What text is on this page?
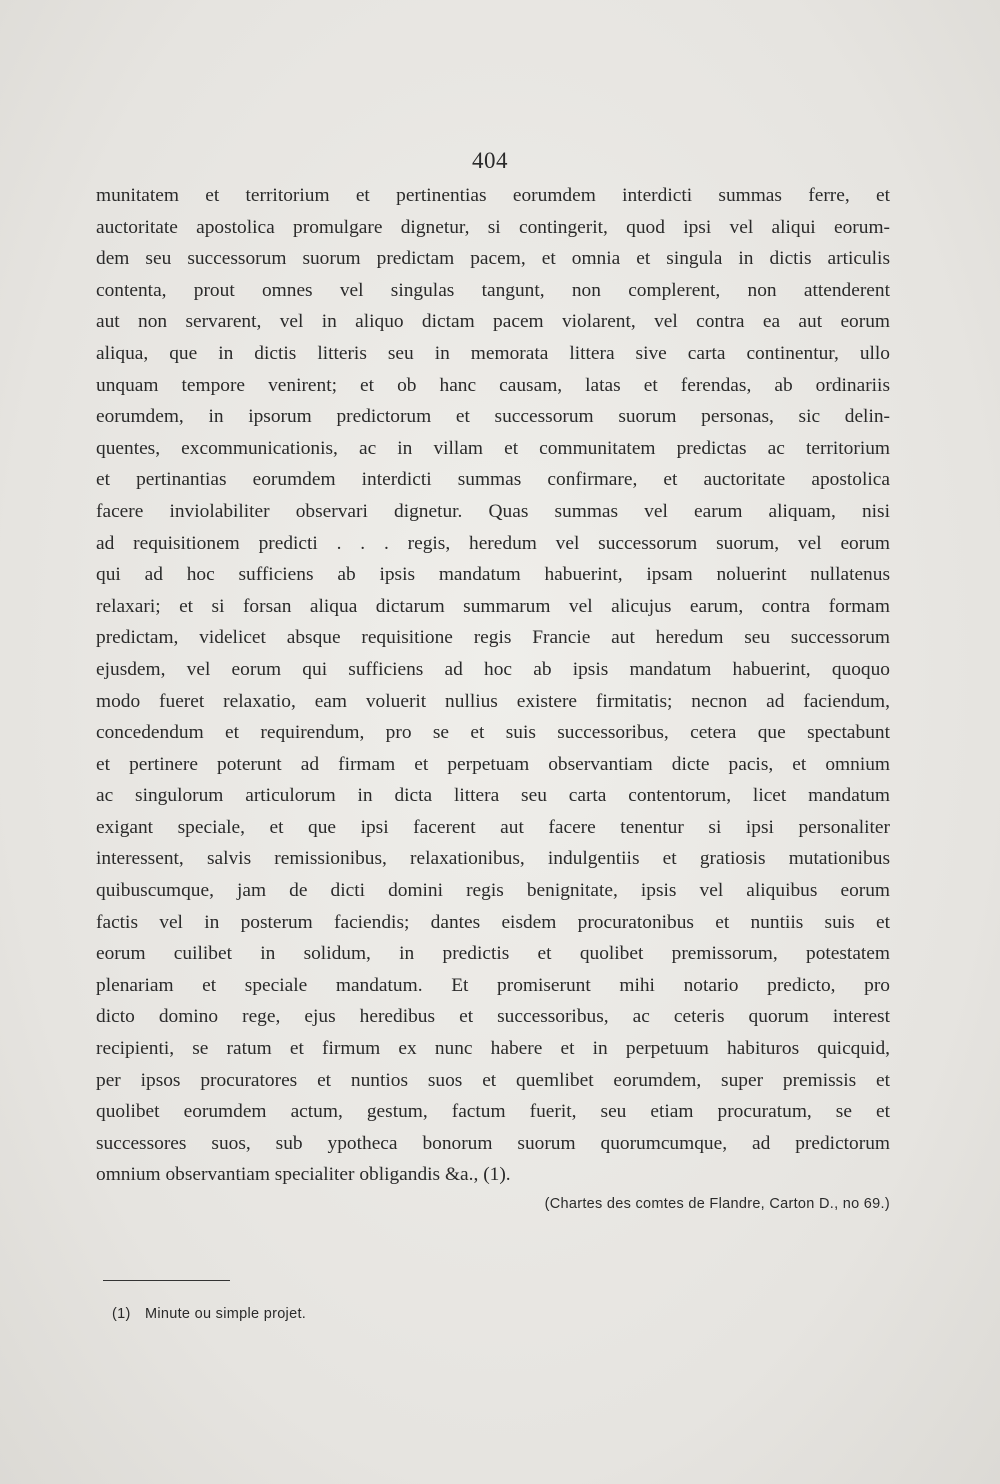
404
munitatem et territorium et pertinentias eorumdem interdicti summas ferre, et
auctoritate apostolica promulgare dignetur, si contingerit, quod ipsi vel aliqui eorum-
dem seu successorum suorum predictam pacem, et omnia et singula in dictis articulis
contenta, prout omnes vel singulas tangunt, non complerent, non attenderent
aut non servarent, vel in aliquo dictam pacem violarent, vel contra ea aut eorum
aliqua, que in dictis litteris seu in memorata littera sive carta continentur, ullo
unquam tempore venirent; et ob hanc causam, latas et ferendas, ab ordinariis
eorumdem, in ipsorum predictorum et successorum suorum personas, sic delin-
quentes, excommunicationis, ac in villam et communitatem predictas ac territorium
et pertinantias eorumdem interdicti summas confirmare, et auctoritate apostolica
facere inviolabiliter observari dignetur. Quas summas vel earum aliquam, nisi
ad requisitionem predicti . . . regis, heredum vel successorum suorum, vel eorum
qui ad hoc sufficiens ab ipsis mandatum habuerint, ipsam noluerint nullatenus
relaxari; et si forsan aliqua dictarum summarum vel alicujus earum, contra formam
predictam, videlicet absque requisitione regis Francie aut heredum seu successorum
ejusdem, vel eorum qui sufficiens ad hoc ab ipsis mandatum habuerint, quoquo
modo fueret relaxatio, eam voluerit nullius existere firmitatis; necnon ad faciendum,
concedendum et requirendum, pro se et suis successoribus, cetera que spectabunt
et pertinere poterunt ad firmam et perpetuam observantiam dicte pacis, et omnium
ac singulorum articulorum in dicta littera seu carta contentorum, licet mandatum
exigant speciale, et que ipsi facerent aut facere tenentur si ipsi personaliter
interessent, salvis remissionibus, relaxationibus, indulgentiis et gratiosis mutationibus
quibuscumque, jam de dicti domini regis benignitate, ipsis vel aliquibus eorum
factis vel in posterum faciendis; dantes eisdem procuratonibus et nuntiis suis et
eorum cuilibet in solidum, in predictis et quolibet premissorum, potestatem
plenariam et speciale mandatum. Et promiserunt mihi notario predicto, pro
dicto domino rege, ejus heredibus et successoribus, ac ceteris quorum interest
recipienti, se ratum et firmum ex nunc habere et in perpetuum habituros quicquid,
per ipsos procuratores et nuntios suos et quemlibet eorumdem, super premissis et
quolibet eorumdem actum, gestum, factum fuerit, seu etiam procuratum, se et
successores suos, sub ypotheca bonorum suorum quorumcumque, ad predictorum
omnium observantiam specialiter obligandis &a., (1).
(Chartes des comtes de Flandre, Carton D., no 69.)
(1) Minute ou simple projet.
